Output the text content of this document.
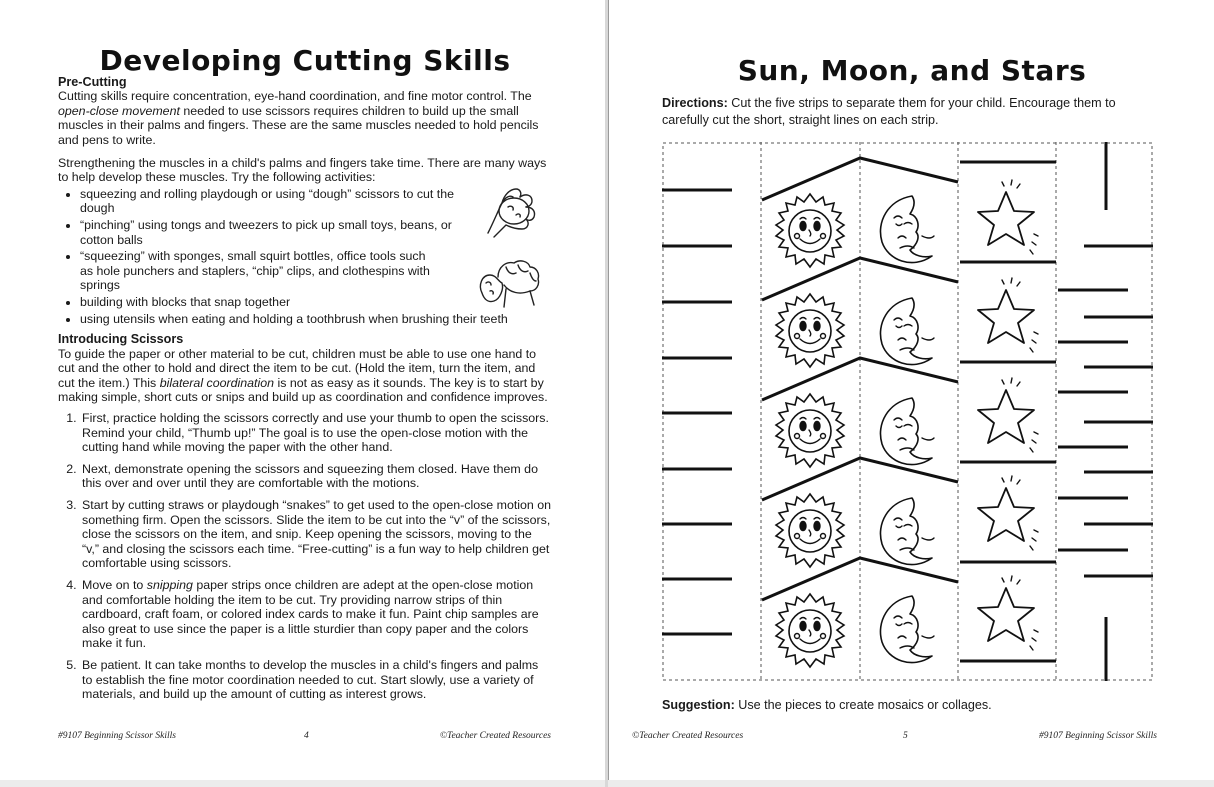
Developing Cutting Skills
Pre-Cutting

Cutting skills require concentration, eye-hand coordination, and fine motor control. The open-close movement needed to use scissors requires children to build up the small muscles in their palms and fingers. These are the same muscles needed to hold pencils and pens to write.

Strengthening the muscles in a child's palms and fingers take time. There are many ways to help develop these muscles. Try the following activities:

• squeezing and rolling playdough or using “dough” scissors to cut the dough
• “pinching” using tongs and tweezers to pick up small toys, beans, or cotton balls
• “squeezing” with sponges, small squirt bottles, office tools such as hole punchers and staplers, “chip” clips, and clothespins with springs
• building with blocks that snap together
• using utensils when eating and holding a toothbrush when brushing their teeth
Introducing Scissors

To guide the paper or other material to be cut, children must be able to use one hand to cut and the other to hold and direct the item to be cut. (Hold the item, turn the item, and cut the item.) This bilateral coordination is not as easy as it sounds. The key is to start by making simple, short cuts or snips and build up as coordination and confidence improves.

1. First, practice holding the scissors correctly and use your thumb to open the scissors. Remind your child, “Thumb up!” The goal is to use the open-close motion with the cutting hand while moving the paper with the other hand.
2. Next, demonstrate opening the scissors and squeezing them closed. Have them do this over and over until they are comfortable with the motions.
3. Start by cutting straws or playdough “snakes” to get used to the open-close motion on something firm. Open the scissors. Slide the item to be cut into the “v” of the scissors, close the scissors on the item, and snip. Keep opening the scissors, moving to the “v,” and closing the scissors each time. “Free-cutting” is a fun way to help children get comfortable using scissors.
4. Move on to snipping paper strips once children are adept at the open-close motion and comfortable holding the item to be cut. Try providing narrow strips of thin cardboard, craft foam, or colored index cards to make it fun. Paint chip samples are also great to use since the paper is a little sturdier than copy paper and the colors make it fun.
5. Be patient. It can take months to develop the muscles in a child's fingers and palms to establish the fine motor coordination needed to cut. Start slowly, use a variety of materials, and build up the amount of cutting as interest grows.
#9107 Beginning Scissor Skills	4	©Teacher Created Resources
Sun, Moon, and Stars

Directions: Cut the five strips to separate them for your child. Encourage them to carefully cut the short, straight lines on each strip.

Suggestion: Use the pieces to create mosaics or collages.

©Teacher Created Resources	5	#9107 Beginning Scissor Skills
